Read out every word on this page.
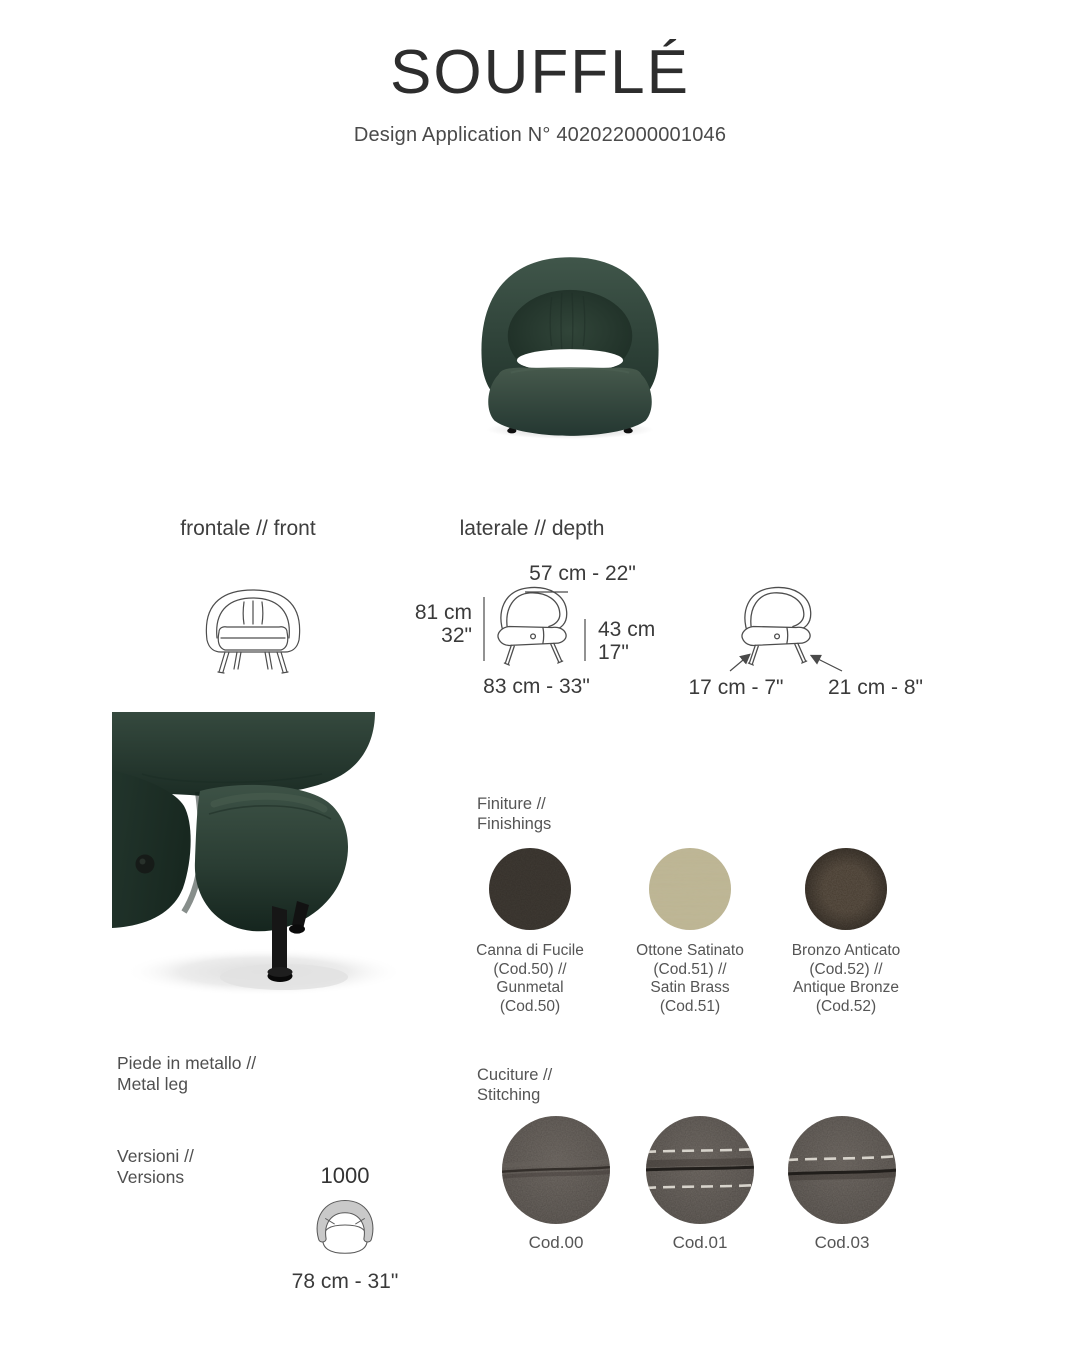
SOUFFLÉ
Design Application N° 402022000001046
frontale // front	laterale // depth
57 cm - 22"
81 cm
32"	43 cm
17"
83 cm - 33"	17 cm - 7"	21 cm - 8"
Finiture //
Finishings
Canna di Fucile
(Cod.50) //
Gunmetal
(Cod.50)
Ottone Satinato
(Cod.51) //
Satin Brass
(Cod.51)
Bronzo Anticato
(Cod.52) //
Antique Bronze
(Cod.52)
Piede in metallo //
Metal leg
Versioni //
Versions	1000
78 cm - 31"
Cuciture //
Stitching
Cod.00	Cod.01	Cod.03
